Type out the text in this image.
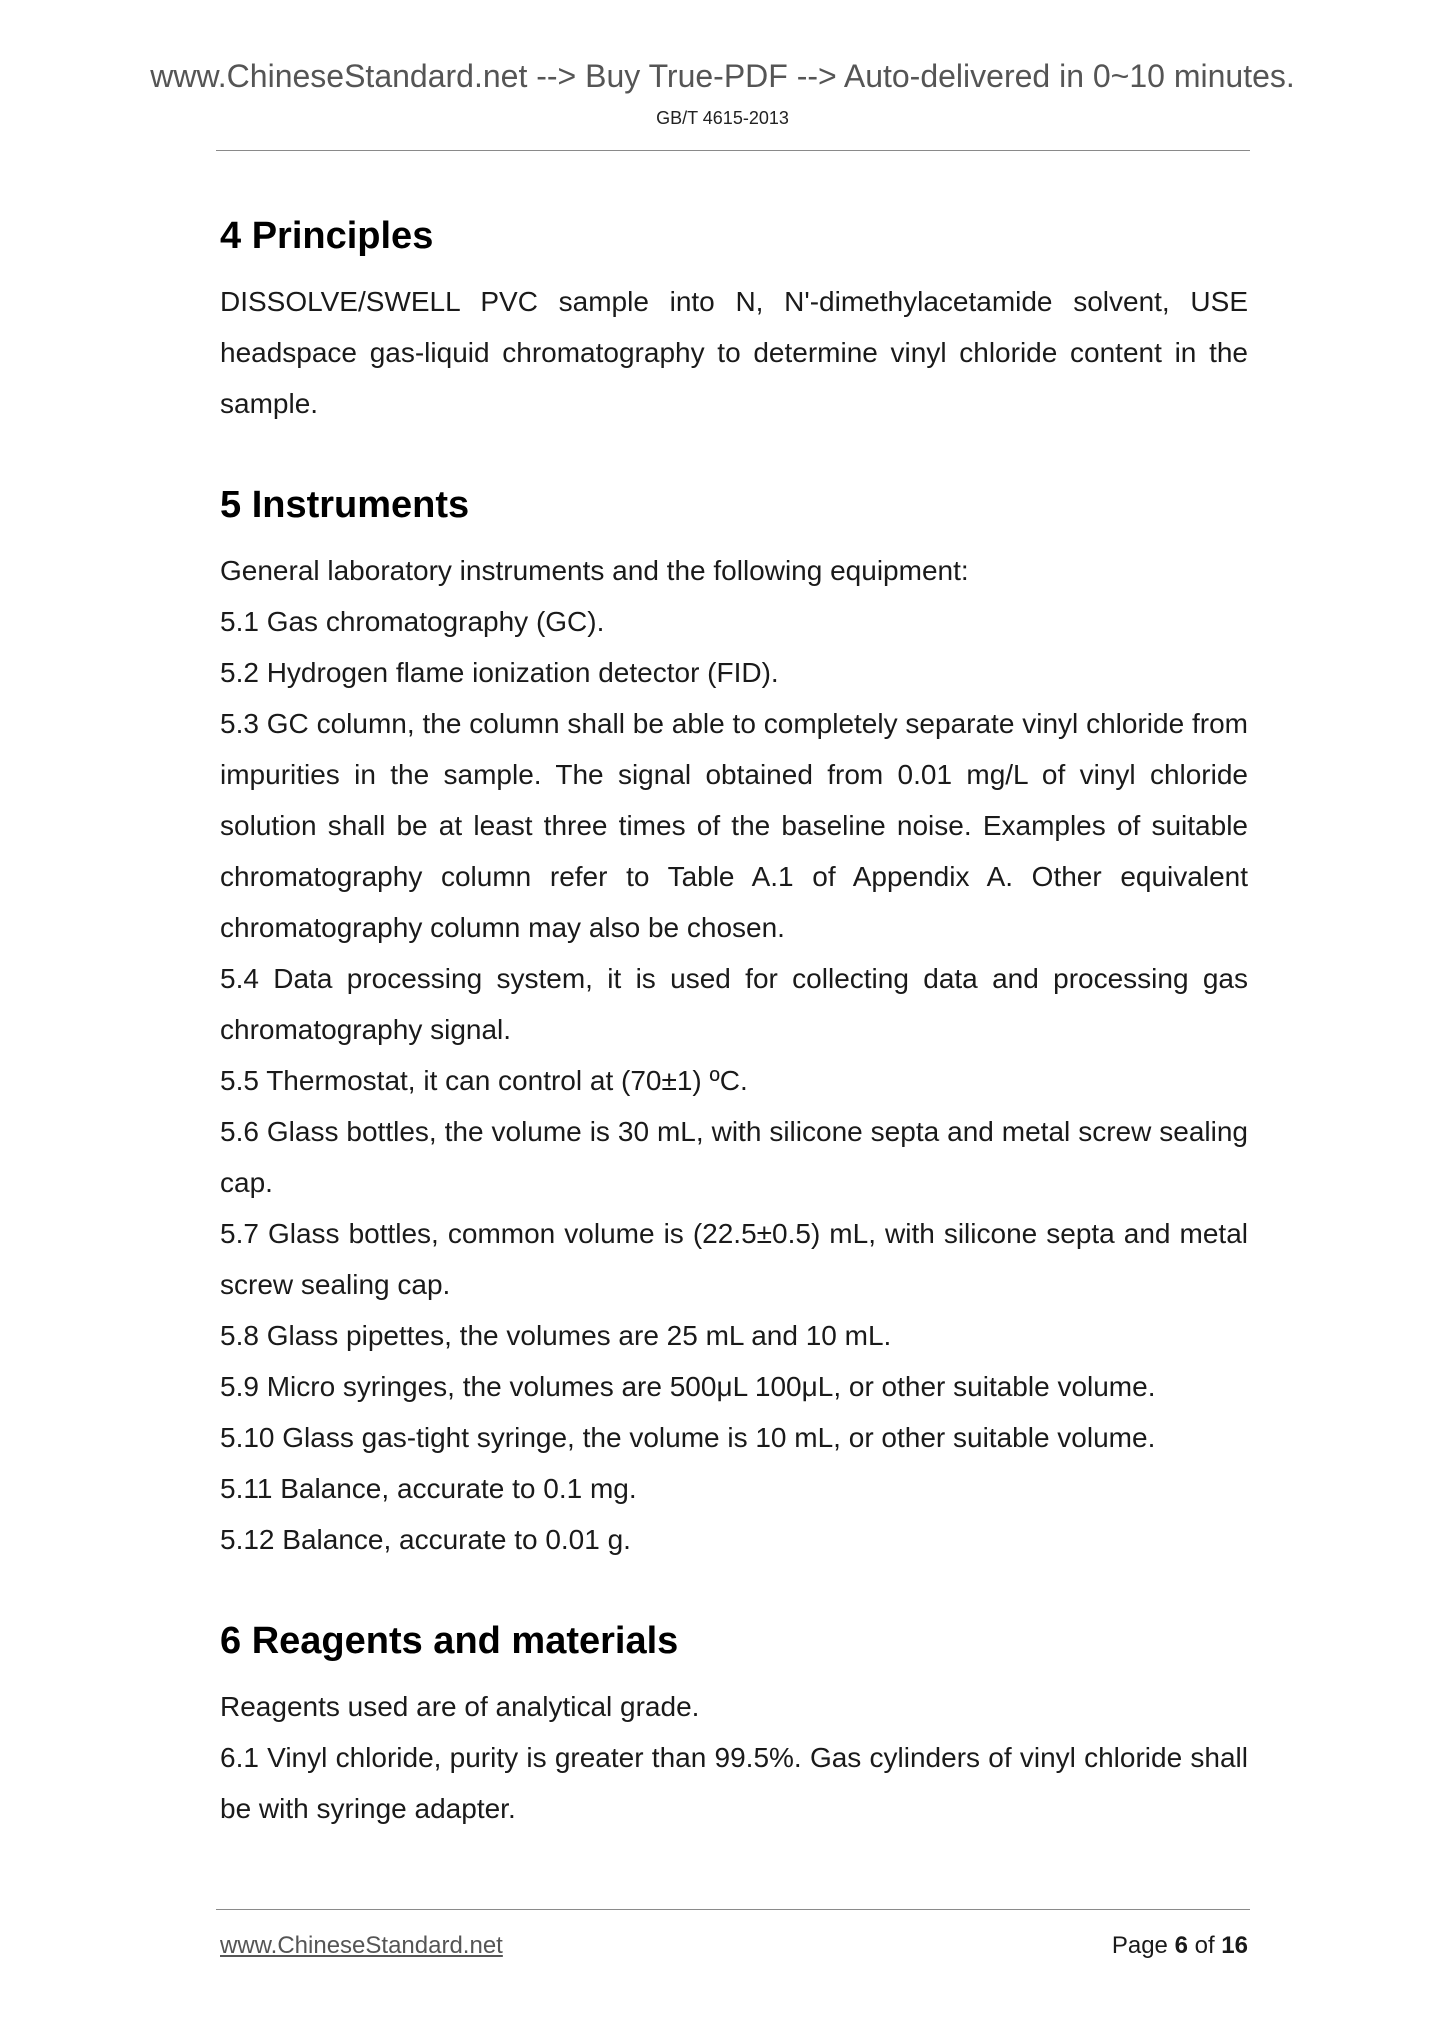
www.ChineseStandard.net --> Buy True-PDF --> Auto-delivered in 0~10 minutes.
GB/T 4615-2013
4 Principles

DISSOLVE/SWELL PVC sample into N, N'-dimethylacetamide solvent, USE headspace gas-liquid chromatography to determine vinyl chloride content in the sample.

5 Instruments

General laboratory instruments and the following equipment:

5.1 Gas chromatography (GC).

5.2 Hydrogen flame ionization detector (FID).

5.3 GC column, the column shall be able to completely separate vinyl chloride from impurities in the sample. The signal obtained from 0.01 mg/L of vinyl chloride solution shall be at least three times of the baseline noise. Examples of suitable chromatography column refer to Table A.1 of Appendix A. Other equivalent chromatography column may also be chosen.

5.4 Data processing system, it is used for collecting data and processing gas chromatography signal.

5.5 Thermostat, it can control at (70±1) ºC.

5.6 Glass bottles, the volume is 30 mL, with silicone septa and metal screw sealing cap.

5.7 Glass bottles, common volume is (22.5±0.5) mL, with silicone septa and metal screw sealing cap.

5.8 Glass pipettes, the volumes are 25 mL and 10 mL.

5.9 Micro syringes, the volumes are 500μL 100μL, or other suitable volume.

5.10 Glass gas-tight syringe, the volume is 10 mL, or other suitable volume.

5.11 Balance, accurate to 0.1 mg.

5.12 Balance, accurate to 0.01 g.

6 Reagents and materials

Reagents used are of analytical grade.

6.1 Vinyl chloride, purity is greater than 99.5%. Gas cylinders of vinyl chloride shall be with syringe adapter.

www.ChineseStandard.net	Page 6 of 16
